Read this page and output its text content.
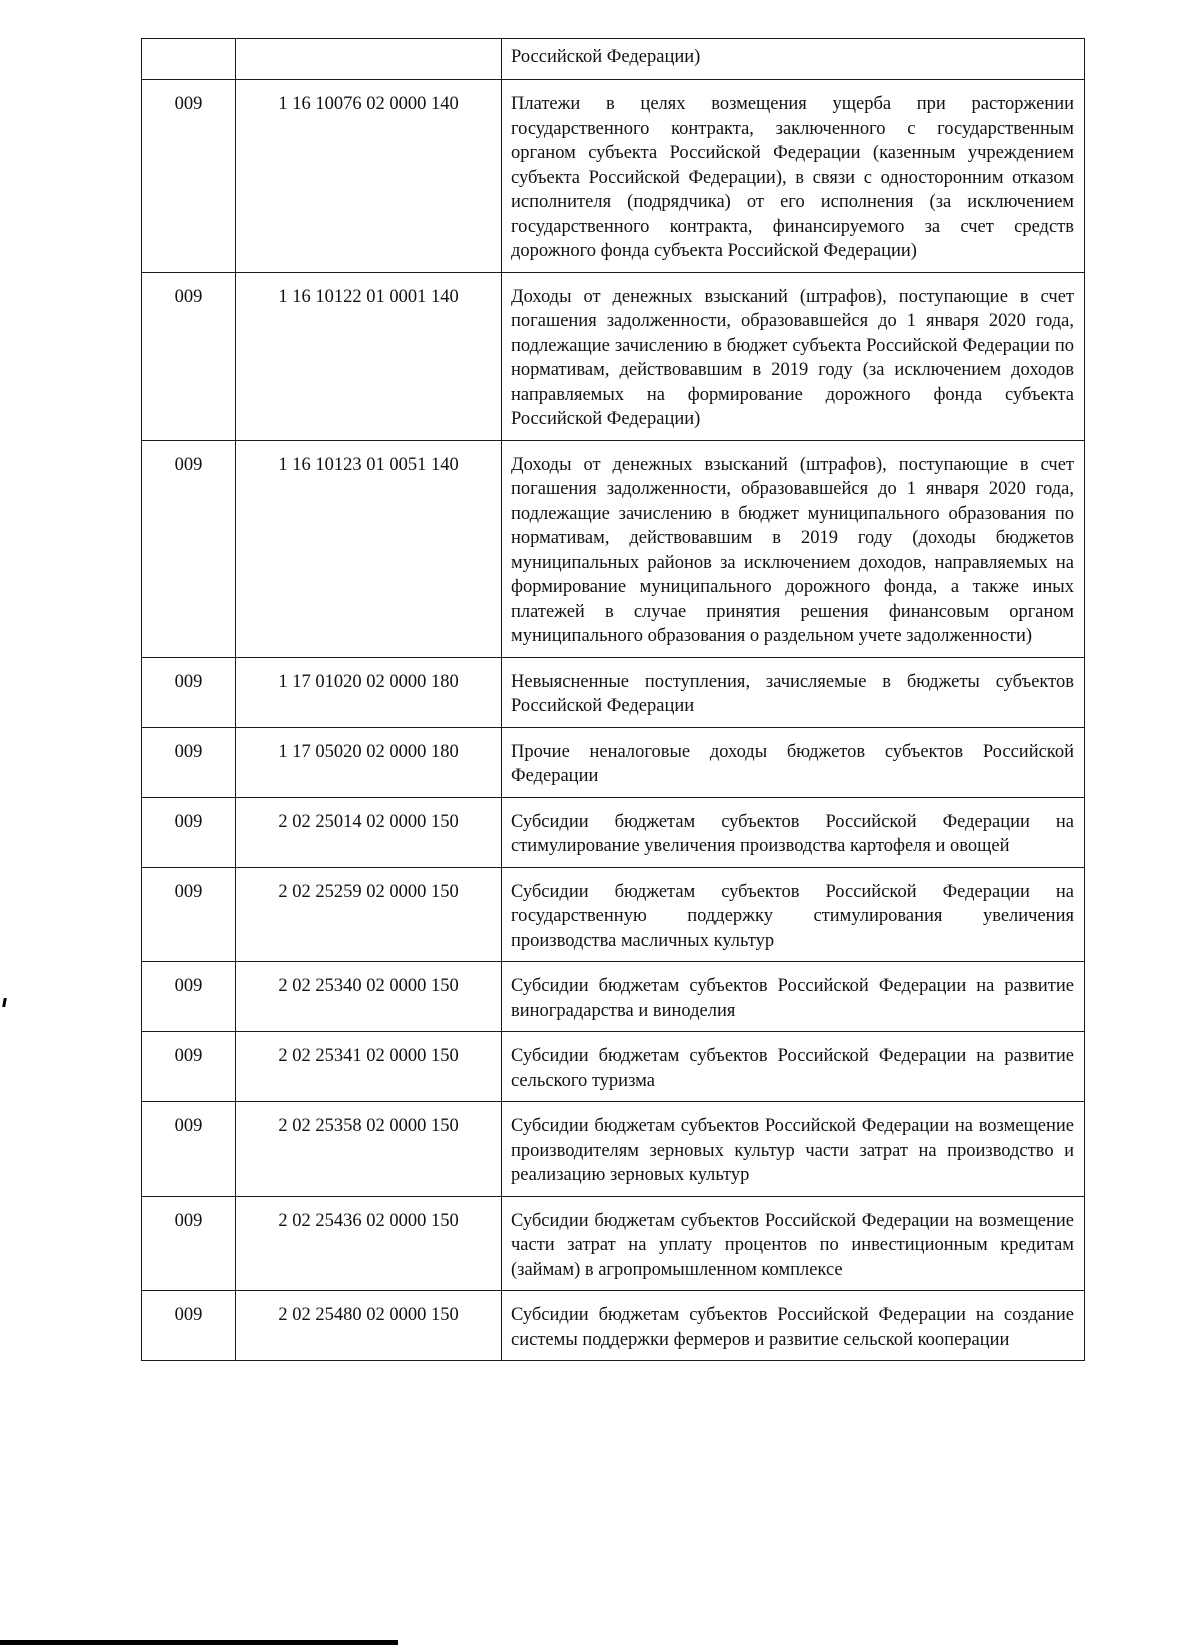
		Российской Федерации)
009	1 16 10076 02 0000 140	Платежи в целях возмещения ущерба при расторжении государственного контракта, заключенного с государственным органом субъекта Российской Федерации (казенным учреждением субъекта Российской Федерации), в связи с односторонним отказом исполнителя (подрядчика) от его исполнения (за исключением государственного контракта, финансируемого за счет средств дорожного фонда субъекта Российской Федерации)
009	1 16 10122 01 0001 140	Доходы от денежных взысканий (штрафов), поступающие в счет погашения задолженности, образовавшейся до 1 января 2020 года, подлежащие зачислению в бюджет субъекта Российской Федерации по нормативам, действовавшим в 2019 году (за исключением доходов направляемых на формирование дорожного фонда субъекта Российской Федерации)
009	1 16 10123 01 0051 140	Доходы от денежных взысканий (штрафов), поступающие в счет погашения задолженности, образовавшейся до 1 января 2020 года, подлежащие зачислению в бюджет муниципального образования по нормативам, действовавшим в 2019 году (доходы бюджетов муниципальных районов за исключением доходов, направляемых на формирование муниципального дорожного фонда, а также иных платежей в случае принятия решения финансовым органом муниципального образования о раздельном учете задолженности)
009	1 17 01020 02 0000 180	Невыясненные поступления, зачисляемые в бюджеты субъектов Российской Федерации
009	1 17 05020 02 0000 180	Прочие неналоговые доходы бюджетов субъектов Российской Федерации
009	2 02 25014 02 0000 150	Субсидии бюджетам субъектов Российской Федерации на стимулирование увеличения производства картофеля и овощей
009	2 02 25259 02 0000 150	Субсидии бюджетам субъектов Российской Федерации на государственную поддержку стимулирования увеличения производства масличных культур
009	2 02 25340 02 0000 150	Субсидии бюджетам субъектов Российской Федерации на развитие виноградарства и виноделия
009	2 02 25341 02 0000 150	Субсидии бюджетам субъектов Российской Федерации на развитие сельского туризма
009	2 02 25358 02 0000 150	Субсидии бюджетам субъектов Российской Федерации на возмещение производителям зерновых культур части затрат на производство и реализацию зерновых культур
009	2 02 25436 02 0000 150	Субсидии бюджетам субъектов Российской Федерации на возмещение части затрат на уплату процентов по инвестиционным кредитам (займам) в агропромышленном комплексе
009	2 02 25480 02 0000 150	Субсидии бюджетам субъектов Российской Федерации на создание системы поддержки фермеров и развитие сельской кооперации
